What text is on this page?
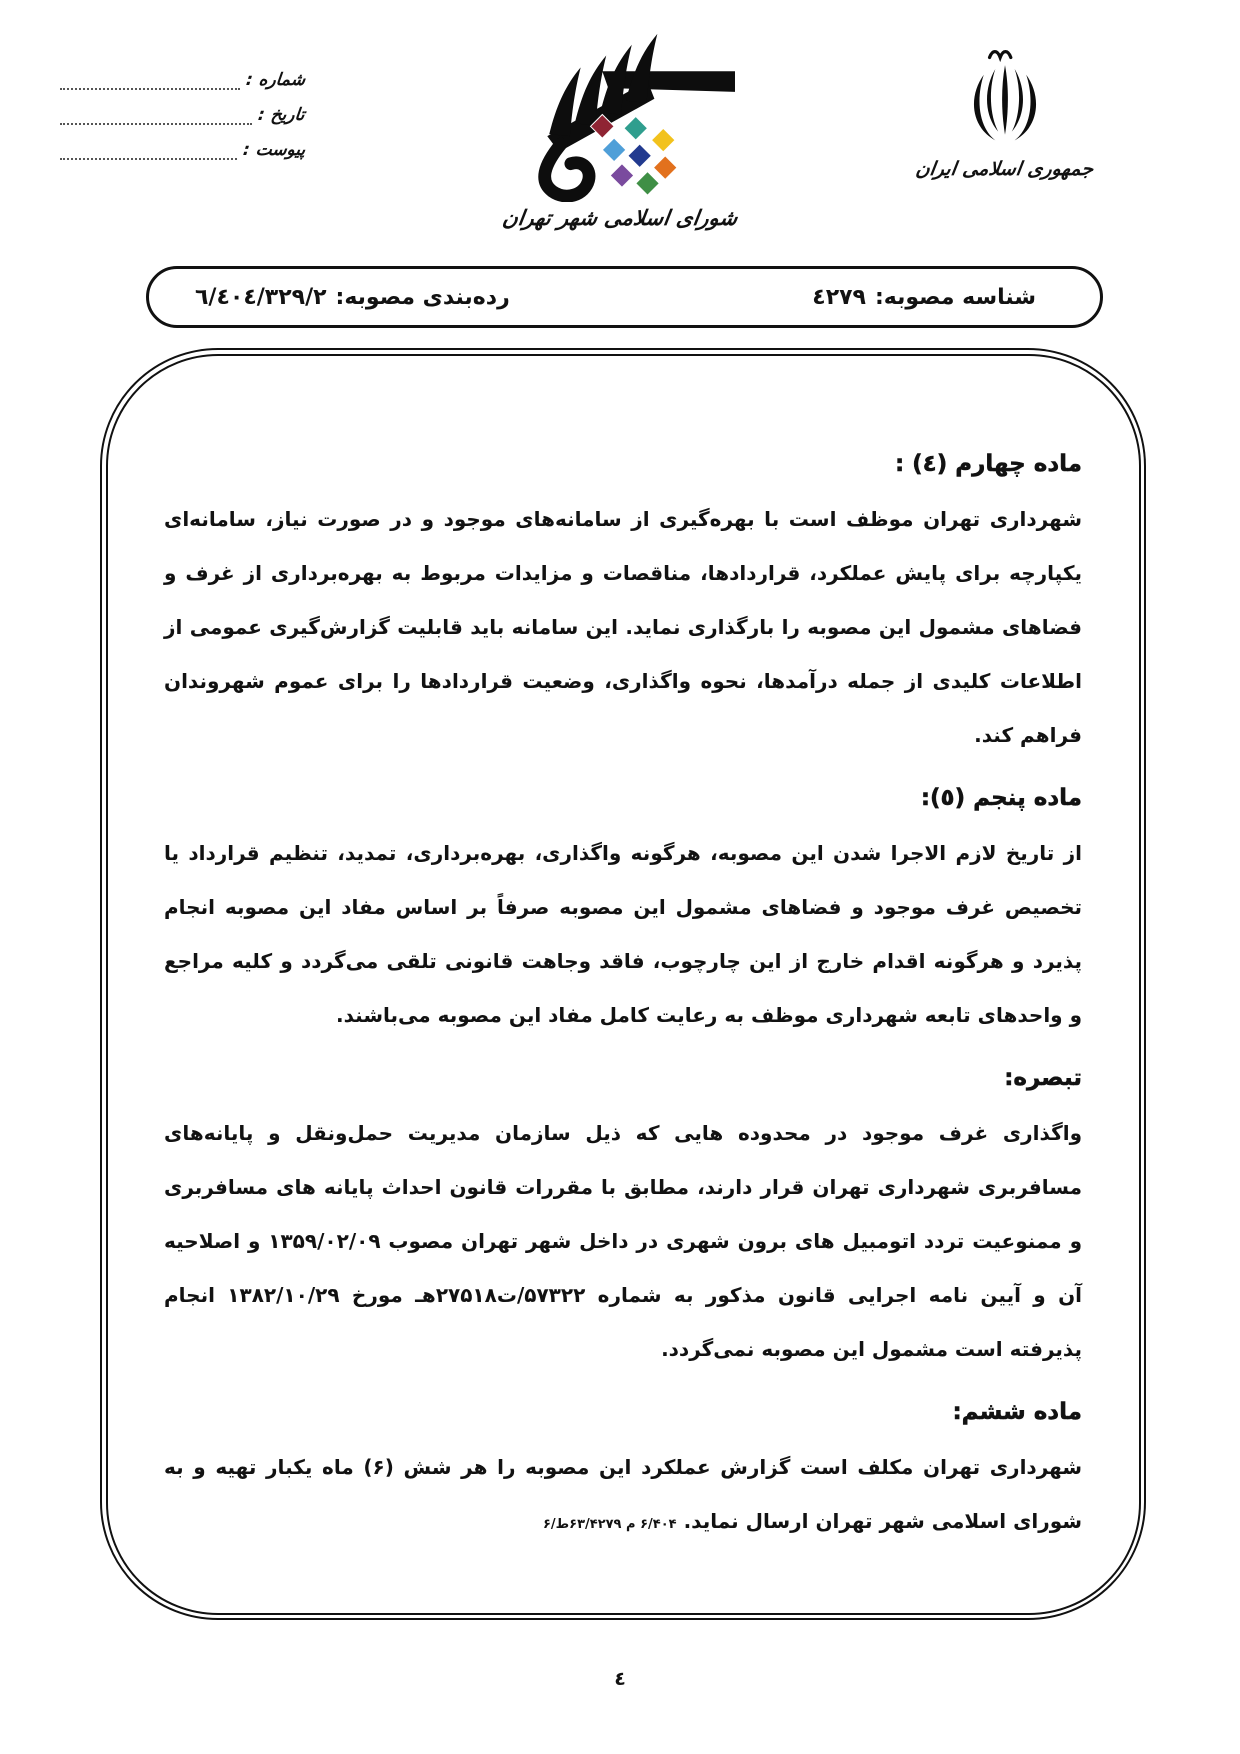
شماره :
تاریخ :
پیوست :
شورای اسلامی شهر تهران
جمهوری اسلامی ایران
شناسه مصوبه:٤٢٧٩
رده‌بندی مصوبه:٦/٤٠٤/٣٢٩/٢
ماده چهارم (٤) :

شهرداری تهران موظف است با بهره‌گیری از سامانه‌های موجود و در صورت نیاز، سامانه‌ای یکپارچه برای پایش عملکرد، قراردادها، مناقصات و مزایدات مربوط به بهره‌برداری از غرف و فضاهای مشمول این مصوبه را بارگذاری نماید. این سامانه باید قابلیت گزارش‌گیری عمومی از اطلاعات کلیدی از جمله درآمدها، نحوه واگذاری، وضعیت قراردادها را برای عموم شهروندان فراهم کند.

ماده پنجم (٥):

از تاریخ لازم الاجرا شدن این مصوبه، هرگونه واگذاری، بهره‌برداری، تمدید، تنظیم قرارداد یا تخصیص غرف موجود و فضاهای مشمول این مصوبه صرفاً بر اساس مفاد این مصوبه انجام پذیرد و هرگونه اقدام خارج از این چارچوب، فاقد وجاهت قانونی تلقی می‌گردد و کلیه مراجع و واحدهای تابعه شهرداری موظف به رعایت کامل مفاد این مصوبه می‌باشند.

تبصره:

واگذاری غرف موجود در محدوده هایی که ذیل سازمان مدیریت حمل‌ونقل و پایانه‌های مسافربری شهرداری تهران قرار دارند، مطابق با مقررات قانون احداث پایانه های مسافربری و ممنوعیت تردد اتومبیل های برون شهری در داخل شهر تهران مصوب ۱۳۵۹/۰۲/۰۹ و اصلاحیه آن و آیین نامه اجرایی قانون مذکور به شماره ۵۷۳۲۲/ت۲۷۵۱۸هـ مورخ ۱۳۸۲/۱۰/۲۹ انجام پذیرفته است مشمول این مصوبه نمی‌گردد.

ماده ششم:

شهرداری تهران مکلف است گزارش عملکرد این مصوبه را هر شش (۶) ماه یکبار تهیه و به شورای اسلامی شهر تهران ارسال نماید. ۶/۴۰۴ م ۶۳/۴۲۷۹ط/۶

٤
